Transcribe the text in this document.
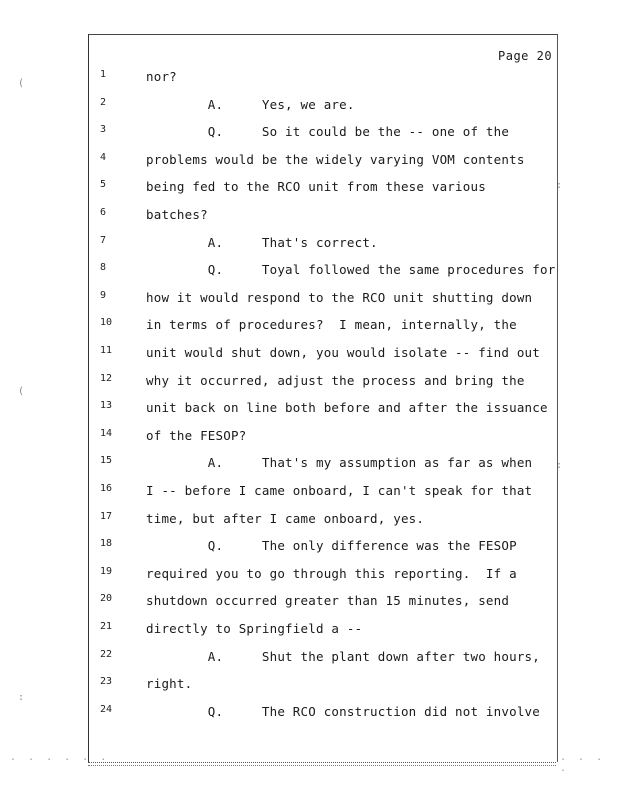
Page 20
1	nor?
2	A.     Yes, we are.
3	Q.     So it could be the -- one of the
4	problems would be the widely varying VOM contents
5	being fed to the RCO unit from these various
6	batches?
7	A.     That's correct.
8	Q.     Toyal followed the same procedures for
9	how it would respond to the RCO unit shutting down
10	in terms of procedures?  I mean, internally, the
11	unit would shut down, you would isolate -- find out
12	why it occurred, adjust the process and bring the
13	unit back on line both before and after the issuance
14	of the FESOP?
15	A.     That's my assumption as far as when
16	I -- before I came onboard, I can't speak for that
17	time, but after I came onboard, yes.
18	Q.     The only difference was the FESOP
19	required you to go through this reporting.  If a
20	shutdown occurred greater than 15 minutes, send
21	directly to Springfield a --
22	A.     Shut the plant down after two hours,
23	right.
24	Q.     The RCO construction did not involve
(
(
:
:
:
. . . . . .	. . . .
